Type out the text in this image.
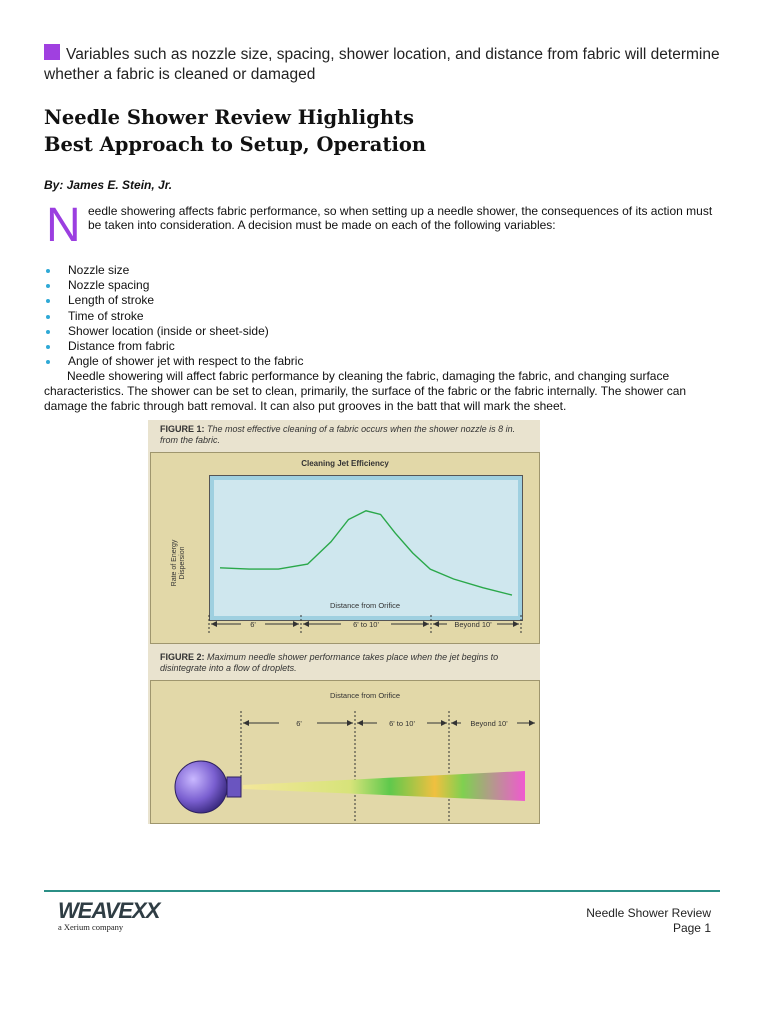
Variables such as nozzle size, spacing, shower location, and distance from fabric will determine whether a fabric is cleaned or damaged
Needle Shower Review Highlights
Best Approach to Setup, Operation
By: James E. Stein, Jr.
N eedle showering affects fabric performance, so when setting up a needle shower, the consequences of its action must be taken into consideration. A decision must be made on each of the following variables:
Nozzle size
Nozzle spacing
Length of stroke
Time of stroke
Shower location (inside or sheet-side)
Distance from fabric
Angle of shower jet with respect to the fabric
Needle showering will affect fabric performance by cleaning the fabric, damaging the fabric, and changing surface characteristics. The shower can be set to clean, primarily, the surface of the fabric or the fabric internally. The shower can damage the fabric through batt removal. It can also put grooves in the batt that will mark the sheet.
FIGURE 1: The most effective cleaning of a fabric occurs when the shower nozzle is 8 in. from the fabric.
Cleaning Jet Efficiency
Rate of Energy Dispersion
Distance from Orifice
6'	6' to 10'	Beyond 10'
FIGURE 2: Maximum needle shower performance takes place when the jet begins to disintegrate into a flow of droplets.
Distance from Orifice
6'	6' to 10'	Beyond 10'
WEAVEXX
a Xerium company
Needle Shower Review
Page 1
